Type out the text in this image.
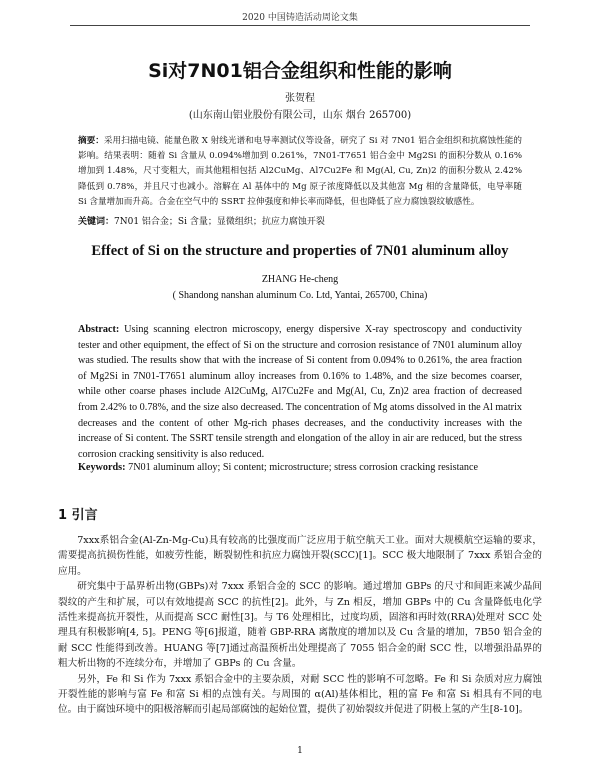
2020 中国铸造活动周论文集
Si对7N01铝合金组织和性能的影响
张贺程
(山东南山铝业股份有限公司，山东 烟台 265700)
摘要：采用扫描电镜、能量色散 X 射线光谱和电导率测试仪等设备，研究了 Si 对 7N01 铝合金组织和抗腐蚀性能的影响。结果表明：随着 Si 含量从 0.094%增加到 0.261%，7N01-T7651 铝合金中 Mg2Si 的面积分数从 0.16%增加到 1.48%，尺寸变粗大，而其他粗相包括 Al2CuMg、Al7Cu2Fe 和 Mg(Al, Cu, Zn)2 的面积分数从 2.42%降低到 0.78%，并且尺寸也减小。溶解在 Al 基体中的 Mg 原子浓度降低以及其他富 Mg 相的含量降低，电导率随 Si 含量增加而升高。合金在空气中的 SSRT 拉伸强度和伸长率而降低，但也降低了应力腐蚀裂纹敏感性。
关键词：7N01 铝合金；Si 含量；显微组织；抗应力腐蚀开裂
Effect of Si on the structure and properties of 7N01 aluminum alloy
ZHANG He-cheng
( Shandong nanshan aluminum Co. Ltd, Yantai, 265700, China)
Abstract: Using scanning electron microscopy, energy dispersive X-ray spectroscopy and conductivity tester and other equipment, the effect of Si on the structure and corrosion resistance of 7N01 aluminum alloy was studied. The results show that with the increase of Si content from 0.094% to 0.261%, the area fraction of Mg2Si in 7N01-T7651 aluminum alloy increases from 0.16% to 1.48%, and the size becomes coarser, while other coarse phases include Al2CuMg, Al7Cu2Fe and Mg(Al, Cu, Zn)2 area fraction of decreased from 2.42% to 0.78%, and the size also decreased. The concentration of Mg atoms dissolved in the Al matrix decreases and the content of other Mg-rich phases decreases, and the conductivity increases with the increase of Si content. The SSRT tensile strength and elongation of the alloy in air are reduced, but the stress corrosion cracking sensitivity is also reduced.
Keywords: 7N01 aluminum alloy; Si content; microstructure; stress corrosion cracking resistance
1 引言

7xxx系铝合金(Al-Zn-Mg-Cu)具有较高的比强度而广泛应用于航空航天工业。面对大规模航空运输的要求，需要提高抗损伤性能，如疲劳性能，断裂韧性和抗应力腐蚀开裂(SCC)[1]。SCC 极大地限制了 7xxx 系铝合金的应用。

研究集中于晶界析出物(GBPs)对 7xxx 系铝合金的 SCC 的影响。通过增加 GBPs 的尺寸和间距来减少晶间裂纹的产生和扩展，可以有效地提高 SCC 的抗性[2]。此外，与 Zn 相反，增加 GBPs 中的 Cu 含量降低电化学活性来提高抗开裂性，从而提高 SCC 耐性[3]。与 T6 处理相比，过度均质，固溶和再时效(RRA)处理对 SCC 处理具有积极影响[4, 5]。PENG 等[6]报道，随着 GBP-RRA 离散度的增加以及 Cu 含量的增加，7B50 铝合金的耐 SCC 性能得到改善。HUANG 等[7]通过高温预析出处理提高了 7055 铝合金的耐 SCC 性，以增强沿晶界的粗大析出物的不连续分布，并增加了 GBPs 的 Cu 含量。

另外，Fe 和 Si 作为 7xxx 系铝合金中的主要杂质，对耐 SCC 性的影响不可忽略。Fe 和 Si 杂质对应力腐蚀开裂性能的影响与富 Fe 和富 Si 相的点蚀有关。与周围的 α(Al)基体相比，粗的富 Fe 和富 Si 相具有不同的电位。由于腐蚀环境中的阳极溶解而引起局部腐蚀的起始位置，提供了初始裂纹并促进了阴极上氢的产生[8-10]。

1
